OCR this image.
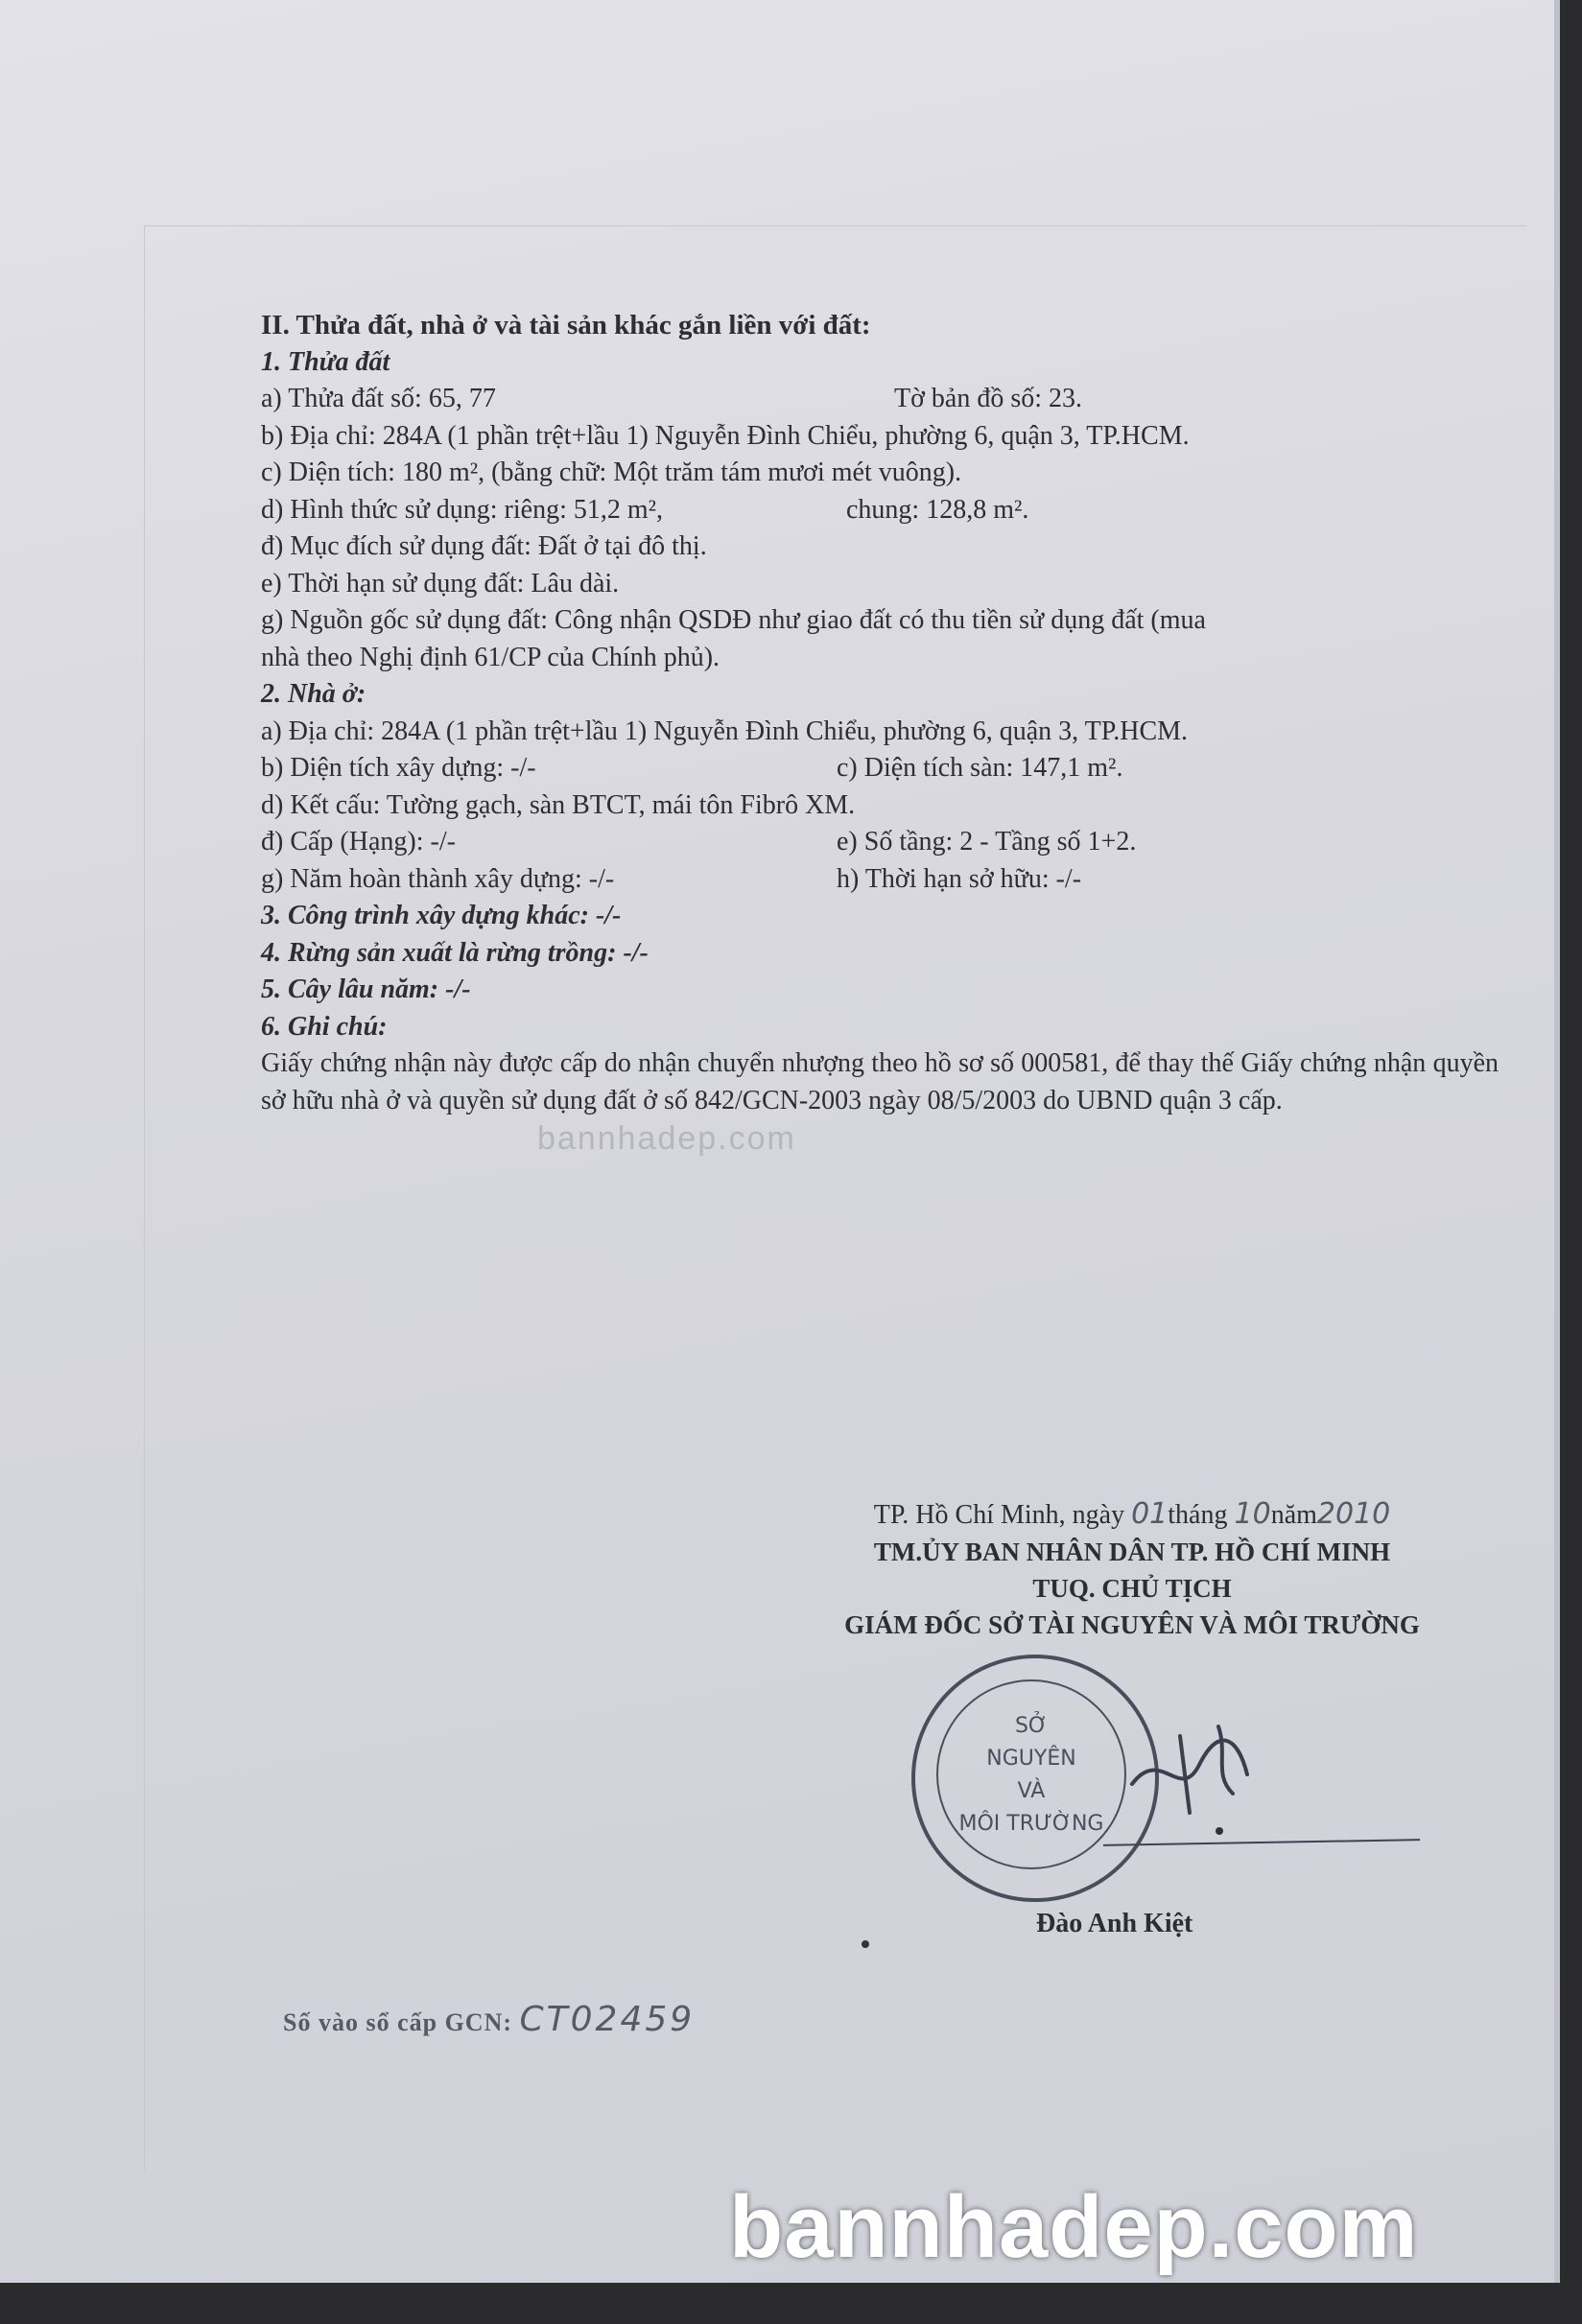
II. Thửa đất, nhà ở và tài sản khác gắn liền với đất:
1. Thửa đất
a) Thửa đất số: 65, 77	Tờ bản đồ số: 23.
b) Địa chỉ: 284A (1 phần trệt+lầu 1) Nguyễn Đình Chiểu, phường 6, quận 3, TP.HCM.
c) Diện tích: 180 m², (bằng chữ: Một trăm tám mươi mét vuông).
d) Hình thức sử dụng: riêng: 51,2 m²,	chung: 128,8 m².
đ) Mục đích sử dụng đất: Đất ở tại đô thị.
e) Thời hạn sử dụng đất: Lâu dài.
g) Nguồn gốc sử dụng đất: Công nhận QSDĐ như giao đất có thu tiền sử dụng đất (mua
nhà theo Nghị định 61/CP của Chính phủ).
2. Nhà ở:
a) Địa chỉ: 284A (1 phần trệt+lầu 1) Nguyễn Đình Chiểu, phường 6, quận 3, TP.HCM.
b) Diện tích xây dựng: -/-	c) Diện tích sàn: 147,1 m².
d) Kết cấu: Tường gạch, sàn BTCT, mái tôn Fibrô XM.
đ) Cấp (Hạng): -/-	e) Số tầng: 2 - Tầng số 1+2.
g) Năm hoàn thành xây dựng: -/-	h) Thời hạn sở hữu: -/-
3. Công trình xây dựng khác: -/-
4. Rừng sản xuất là rừng trồng: -/-
5. Cây lâu năm: -/-
6. Ghi chú:
Giấy chứng nhận này được cấp do nhận chuyển nhượng theo hồ sơ số 000581, để thay thế Giấy chứng nhận quyền sở hữu nhà ở và quyền sử dụng đất ở số 842/GCN-2003 ngày 08/5/2003 do UBND quận 3 cấp.
bannhadep.com
TP. Hồ Chí Minh, ngày 01tháng 10năm2010
TM.ỦY BAN NHÂN DÂN TP. HỒ CHÍ MINH
TUQ. CHỦ TỊCH
GIÁM ĐỐC SỞ TÀI NGUYÊN VÀ MÔI TRƯỜNG
SỞ
NGUYÊN
VÀ
MÔI TRƯỜNG
Đào Anh Kiệt
Số vào sổ cấp GCN: CT02459
bannhadep.com
